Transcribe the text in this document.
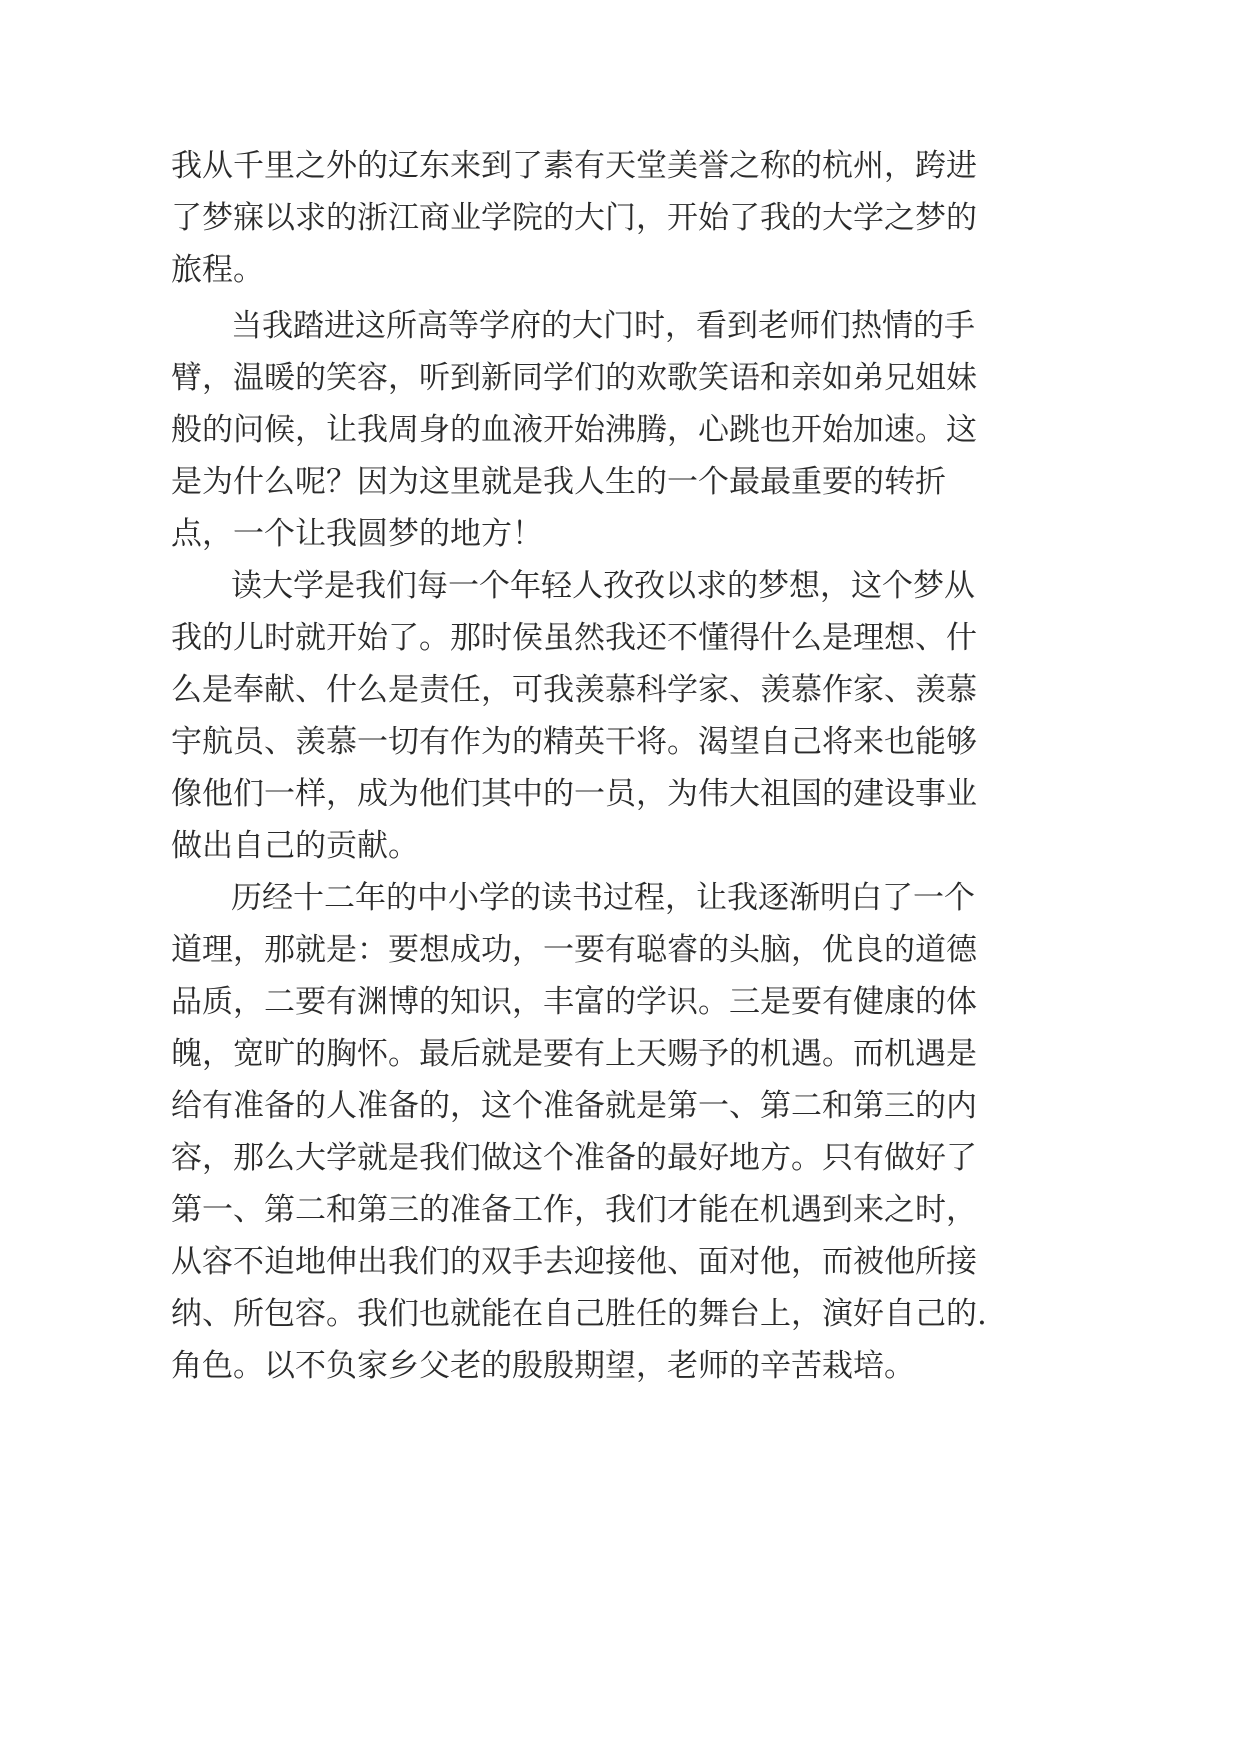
我从千里之外的辽东来到了素有天堂美誉之称的杭州，跨进
了梦寐以求的浙江商业学院的大门，开始了我的大学之梦的
旅程。
当我踏进这所高等学府的大门时，看到老师们热情的手
臂，温暖的笑容，听到新同学们的欢歌笑语和亲如弟兄姐妹
般的问候，让我周身的血液开始沸腾，心跳也开始加速。这
是为什么呢？因为这里就是我人生的一个最最重要的转折
点，一个让我圆梦的地方！
读大学是我们每一个年轻人孜孜以求的梦想，这个梦从
我的儿时就开始了。那时侯虽然我还不懂得什么是理想、什
么是奉献、什么是责任，可我羡慕科学家、羡慕作家、羡慕
宇航员、羡慕一切有作为的精英干将。渴望自己将来也能够
像他们一样，成为他们其中的一员，为伟大祖国的建设事业
做出自己的贡献。
历经十二年的中小学的读书过程，让我逐渐明白了一个
道理，那就是：要想成功，一要有聪睿的头脑，优良的道德
品质，二要有渊博的知识，丰富的学识。三是要有健康的体
魄，宽旷的胸怀。最后就是要有上天赐予的机遇。而机遇是
给有准备的人准备的，这个准备就是第一、第二和第三的内
容，那么大学就是我们做这个准备的最好地方。只有做好了
第一、第二和第三的准备工作，我们才能在机遇到来之时，
从容不迫地伸出我们的双手去迎接他、面对他，而被他所接
纳、所包容。我们也就能在自己胜任的舞台上，演好自己的.
角色。以不负家乡父老的殷殷期望，老师的辛苦栽培。
